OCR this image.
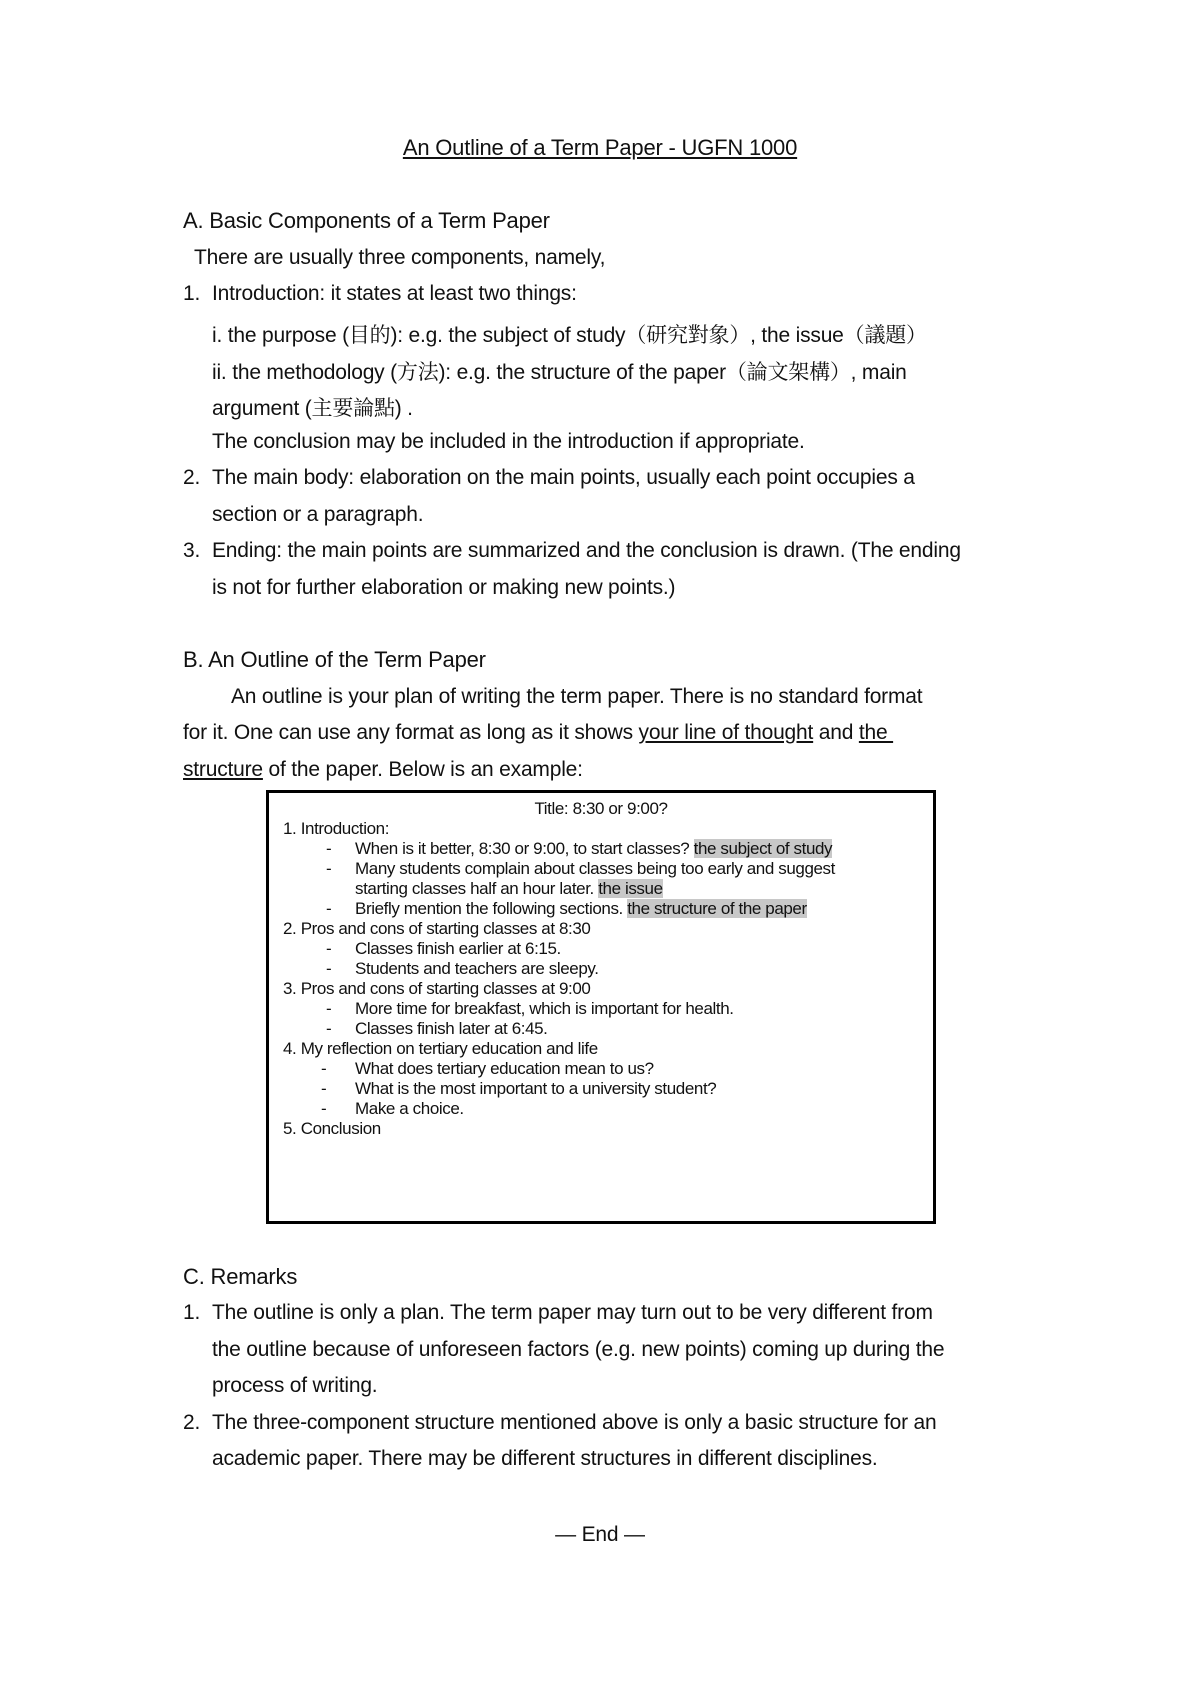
An Outline of a Term Paper - UGFN 1000
A. Basic Components of a Term Paper
There are usually three components, namely,
1. Introduction: it states at least two things:
i. the purpose (目的): e.g. the subject of study（研究對象）, the issue（議題）
ii. the methodology (方法): e.g. the structure of the paper（論文架構）, main
argument (主要論點) .
The conclusion may be included in the introduction if appropriate.
2. The main body: elaboration on the main points, usually each point occupies a
section or a paragraph.
3. Ending: the main points are summarized and the conclusion is drawn. (The ending
is not for further elaboration or making new points.)
B. An Outline of the Term Paper
An outline is your plan of writing the term paper. There is no standard format
for it. One can use any format as long as it shows your line of thought and the
structure of the paper. Below is an example:
Title: 8:30 or 9:00?
1. Introduction:
- When is it better, 8:30 or 9:00, to start classes? the subject of study
- Many students complain about classes being too early and suggest
starting classes half an hour later. the issue
- Briefly mention the following sections. the structure of the paper
2. Pros and cons of starting classes at 8:30
- Classes finish earlier at 6:15.
- Students and teachers are sleepy.
3. Pros and cons of starting classes at 9:00
- More time for breakfast, which is important for health.
- Classes finish later at 6:45.
4. My reflection on tertiary education and life
- What does tertiary education mean to us?
- What is the most important to a university student?
- Make a choice.
5. Conclusion
C. Remarks
1. The outline is only a plan. The term paper may turn out to be very different from
the outline because of unforeseen factors (e.g. new points) coming up during the
process of writing.
2. The three-component structure mentioned above is only a basic structure for an
academic paper. There may be different structures in different disciplines.
— End —
